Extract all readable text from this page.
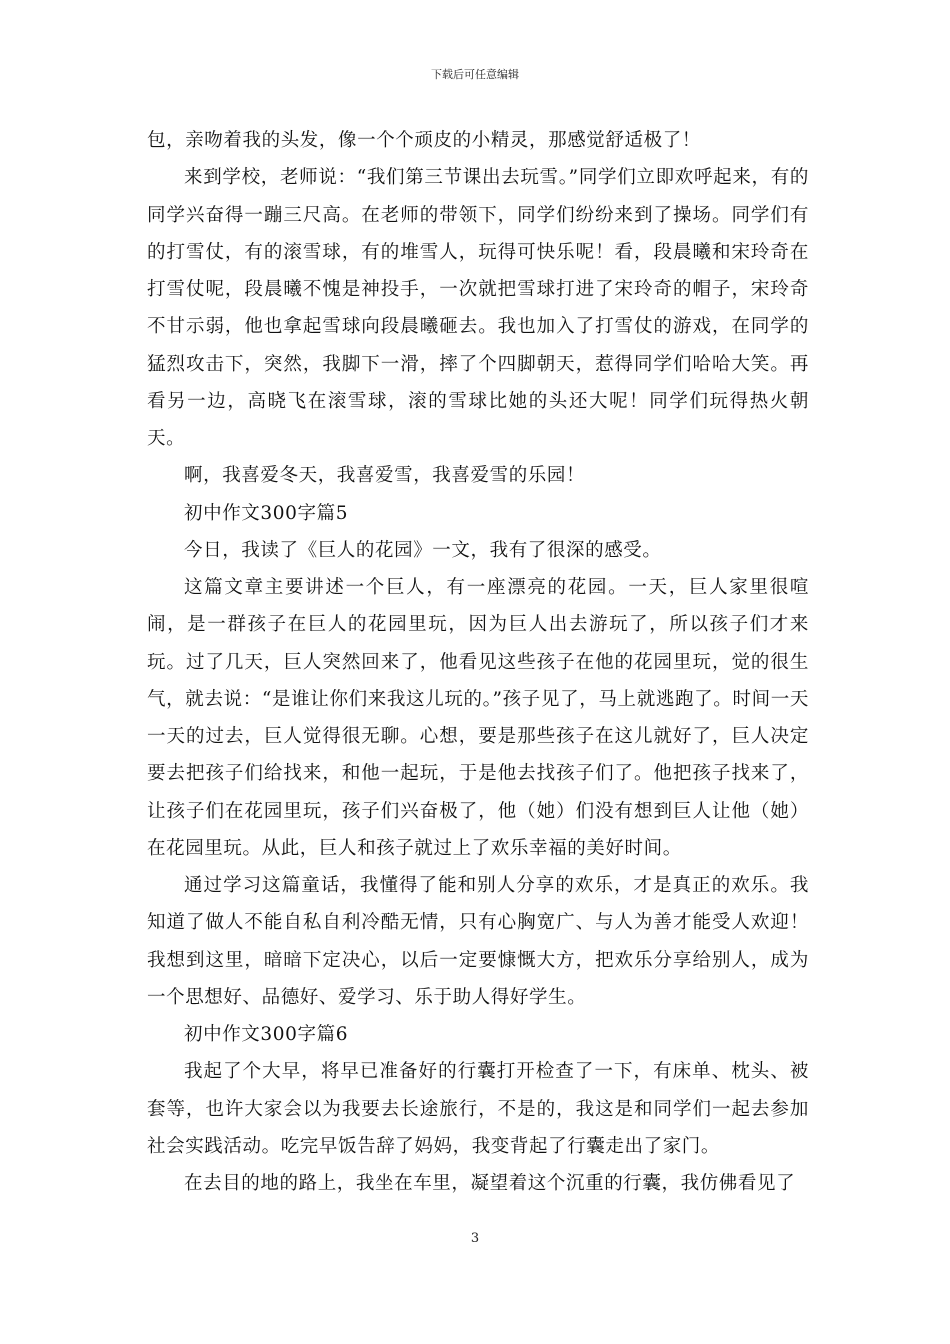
下载后可任意编辑

包，亲吻着我的头发，像一个个顽皮的小精灵，那感觉舒适极了！

来到学校，老师说：“我们第三节课出去玩雪。”同学们立即欢呼起来，有的同学兴奋得一蹦三尺高。在老师的带领下，同学们纷纷来到了操场。同学们有的打雪仗，有的滚雪球，有的堆雪人，玩得可快乐呢！看，段晨曦和宋玲奇在打雪仗呢，段晨曦不愧是神投手，一次就把雪球打进了宋玲奇的帽子，宋玲奇不甘示弱，他也拿起雪球向段晨曦砸去。我也加入了打雪仗的游戏，在同学的猛烈攻击下，突然，我脚下一滑，摔了个四脚朝天，惹得同学们哈哈大笑。再看另一边，高晓飞在滚雪球，滚的雪球比她的头还大呢！同学们玩得热火朝天。

啊，我喜爱冬天，我喜爱雪，我喜爱雪的乐园！

初中作文300字篇5

今日，我读了《巨人的花园》一文，我有了很深的感受。

这篇文章主要讲述一个巨人，有一座漂亮的花园。一天，巨人家里很喧闹，是一群孩子在巨人的花园里玩，因为巨人出去游玩了，所以孩子们才来玩。过了几天，巨人突然回来了，他看见这些孩子在他的花园里玩，觉的很生气，就去说：“是谁让你们来我这儿玩的。”孩子见了，马上就逃跑了。时间一天一天的过去，巨人觉得很无聊。心想，要是那些孩子在这儿就好了，巨人决定要去把孩子们给找来，和他一起玩，于是他去找孩子们了。他把孩子找来了，让孩子们在花园里玩，孩子们兴奋极了，他（她）们没有想到巨人让他（她）在花园里玩。从此，巨人和孩子就过上了欢乐幸福的美好时间。

通过学习这篇童话，我懂得了能和别人分享的欢乐，才是真正的欢乐。我知道了做人不能自私自利冷酷无情，只有心胸宽广、与人为善才能受人欢迎！我想到这里，暗暗下定决心，以后一定要慷慨大方，把欢乐分享给别人，成为一个思想好、品德好、爱学习、乐于助人得好学生。

初中作文300字篇6

我起了个大早，将早已准备好的行囊打开检查了一下，有床单、枕头、被套等，也许大家会以为我要去长途旅行，不是的，我这是和同学们一起去参加社会实践活动。吃完早饭告辞了妈妈，我变背起了行囊走出了家门。

在去目的地的路上，我坐在车里，凝望着这个沉重的行囊，我仿佛看见了

3
